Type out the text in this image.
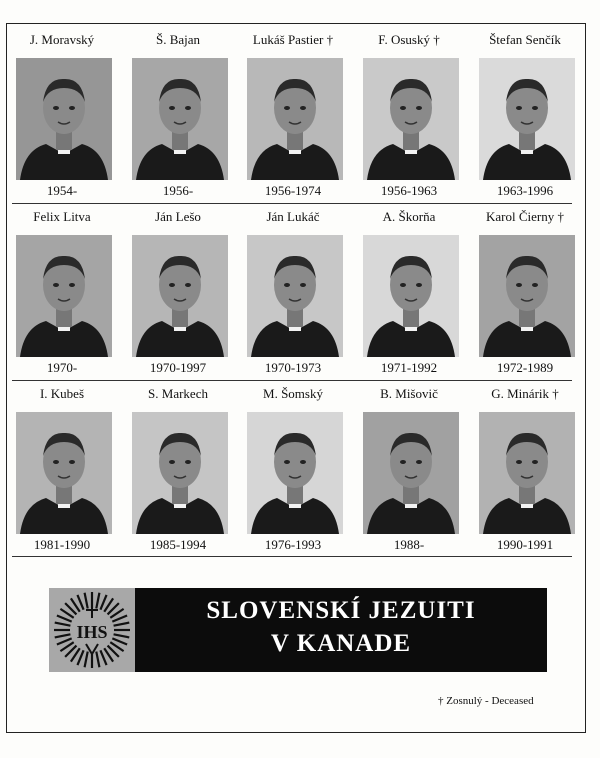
J. Moravský
1954-
Š. Bajan
1956-
Lukáš Pastier †
1956-1974
F. Osuský †
1956-1963
Štefan Senčík
1963-1996
Felix Litva
1970-
Ján Lešo
1970-1997
Ján Lukáč
1970-1973
A. Škorňa
1971-1992
Karol Čierny †
1972-1989
I. Kubeš
1981-1990
S. Markech
1985-1994
M. Šomský
1976-1993
B. Mišovič
1988-
G. Minárik †
1990-1991
IHS
SLOVENSKÍ JEZUITI
V KANADE
† Zosnulý - Deceased
